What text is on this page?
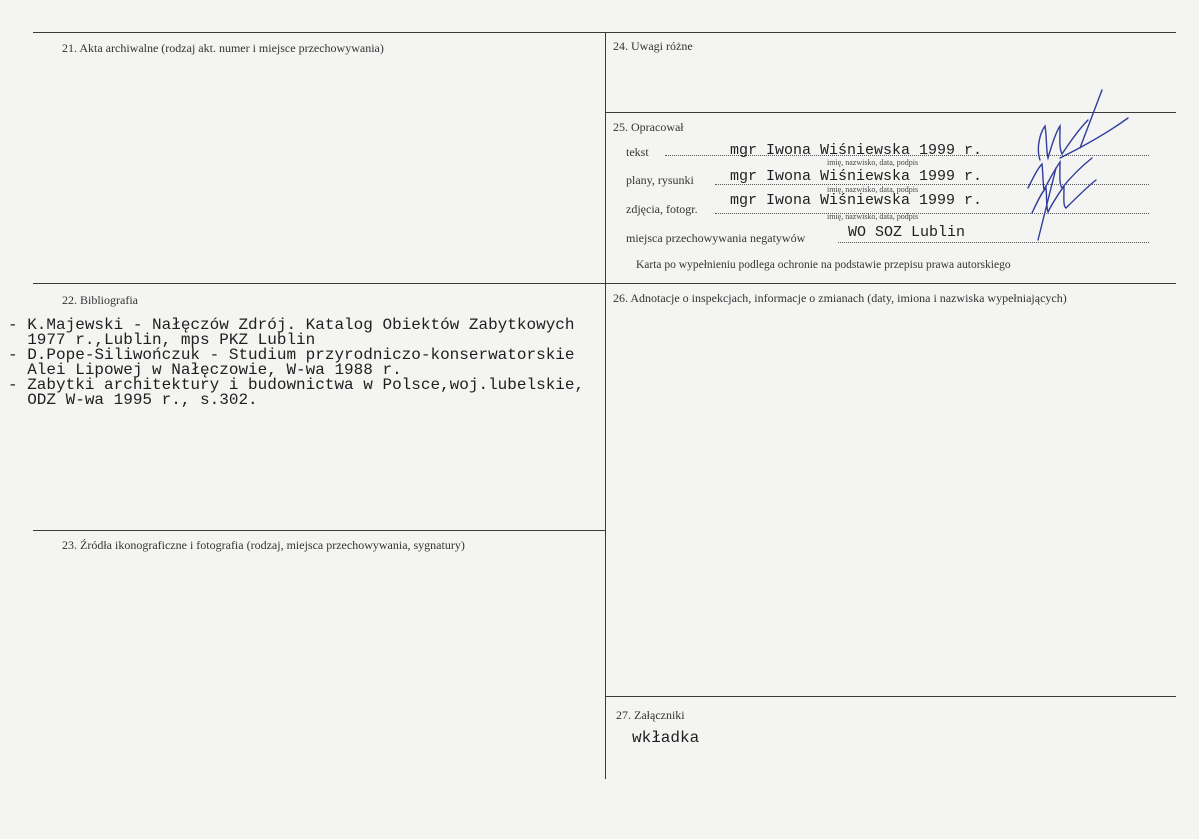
21. Akta archiwalne (rodzaj akt. numer i miejsce przechowywania)
22. Bibliografia
- K.Majewski - Nałęczów Zdrój. Katalog Obiektów Zabytkowych
1977 r.,Lublin, mps PKZ Lublin
- D.Pope-Siliwończuk - Studium przyrodniczo-konserwatorskie
Alei Lipowej w Nałęczowie, W-wa 1988 r.
- Zabytki architektury i budownictwa w Polsce,woj.lubelskie,
ODZ W-wa 1995 r., s.302.
23. Źródła ikonograficzne i fotografia (rodzaj, miejsca przechowywania, sygnatury)
24. Uwagi różne
25. Opracował
tekst	mgr Iwona Wiśniewska 1999 r.
imię, nazwisko, data, podpis
plany, rysunki mgr Iwona Wiśniewska 1999 r.
imię, nazwisko, data, podpis
zdjęcia, fotogr. mgr Iwona Wiśniewska 1999 r.
imię, nazwisko, data, podpis
miejsca przechowywania negatywów	WO SOZ Lublin
Karta po wypełnieniu podlega ochronie na podstawie przepisu prawa autorskiego
26. Adnotacje o inspekcjach, informacje o zmianach (daty, imiona i nazwiska wypełniających)
27. Załączniki
wkładka
